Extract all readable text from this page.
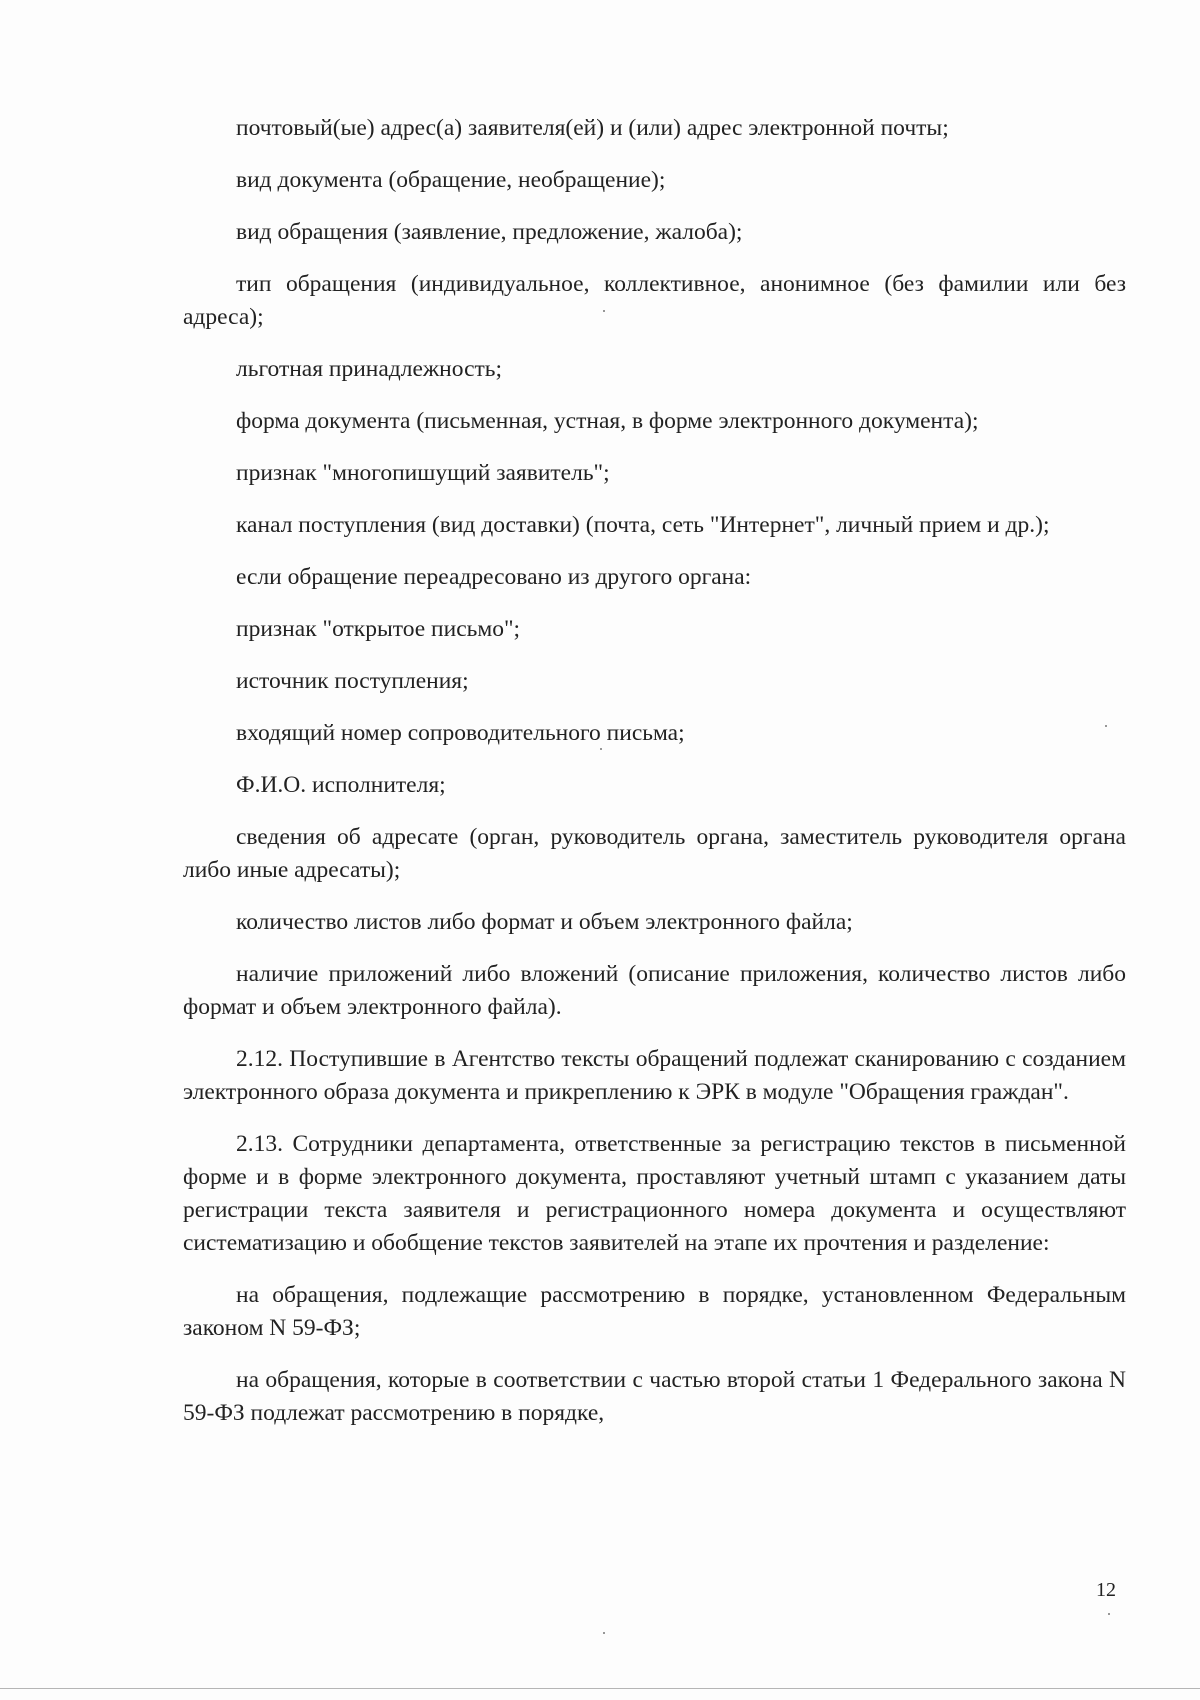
почтовый(ые) адрес(а) заявителя(ей) и (или) адрес электронной почты;

вид документа (обращение, необращение);

вид обращения (заявление, предложение, жалоба);

тип обращения (индивидуальное, коллективное, анонимное (без фамилии или без адреса);

льготная принадлежность;

форма документа (письменная, устная, в форме электронного документа);

признак "многопишущий заявитель";

канал поступления (вид доставки) (почта, сеть "Интернет", личный прием и др.);

если обращение переадресовано из другого органа:

признак "открытое письмо";

источник поступления;

входящий номер сопроводительного письма;

Ф.И.О. исполнителя;

сведения об адресате (орган, руководитель органа, заместитель руководителя органа либо иные адресаты);

количество листов либо формат и объем электронного файла;

наличие приложений либо вложений (описание приложения, количество листов либо формат и объем электронного файла).

2.12. Поступившие в Агентство тексты обращений подлежат сканированию с созданием электронного образа документа и прикреплению к ЭРК в модуле "Обращения граждан".

2.13. Сотрудники департамента, ответственные за регистрацию текстов в письменной форме и в форме электронного документа, проставляют учетный штамп с указанием даты регистрации текста заявителя и регистрационного номера документа и осуществляют систематизацию и обобщение текстов заявителей на этапе их прочтения и разделение:

на обращения, подлежащие рассмотрению в порядке, установленном Федеральным законом N 59-ФЗ;

на обращения, которые в соответствии с частью второй статьи 1 Федерального закона N 59-ФЗ подлежат рассмотрению в порядке,

12
